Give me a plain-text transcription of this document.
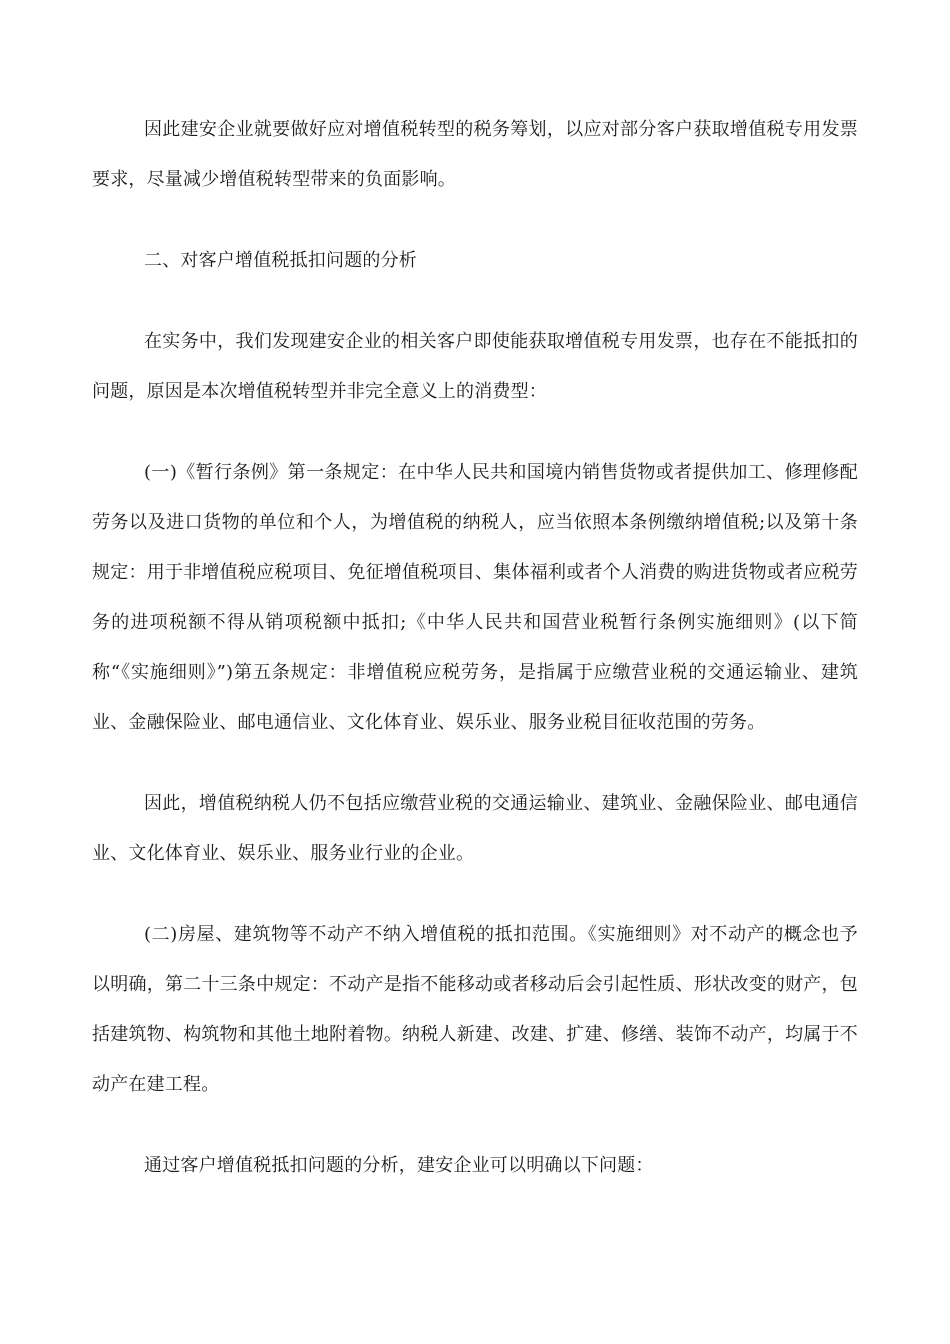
因此建安企业就要做好应对增值税转型的税务筹划，以应对部分客户获取增值税专用发票要求，尽量减少增值税转型带来的负面影响。

二、对客户增值税抵扣问题的分析

在实务中，我们发现建安企业的相关客户即使能获取增值税专用发票，也存在不能抵扣的问题，原因是本次增值税转型并非完全意义上的消费型：

(一)《暂行条例》第一条规定：在中华人民共和国境内销售货物或者提供加工、修理修配劳务以及进口货物的单位和个人，为增值税的纳税人，应当依照本条例缴纳增值税;以及第十条规定：用于非增值税应税项目、免征增值税项目、集体福利或者个人消费的购进货物或者应税劳务的进项税额不得从销项税额中抵扣;《中华人民共和国营业税暂行条例实施细则》(以下简称“《实施细则》”)第五条规定：非增值税应税劳务，是指属于应缴营业税的交通运输业、建筑业、金融保险业、邮电通信业、文化体育业、娱乐业、服务业税目征收范围的劳务。

因此，增值税纳税人仍不包括应缴营业税的交通运输业、建筑业、金融保险业、邮电通信业、文化体育业、娱乐业、服务业行业的企业。

(二)房屋、建筑物等不动产不纳入增值税的抵扣范围。《实施细则》对不动产的概念也予以明确，第二十三条中规定：不动产是指不能移动或者移动后会引起性质、形状改变的财产，包括建筑物、构筑物和其他土地附着物。纳税人新建、改建、扩建、修缮、装饰不动产，均属于不动产在建工程。

通过客户增值税抵扣问题的分析，建安企业可以明确以下问题：
